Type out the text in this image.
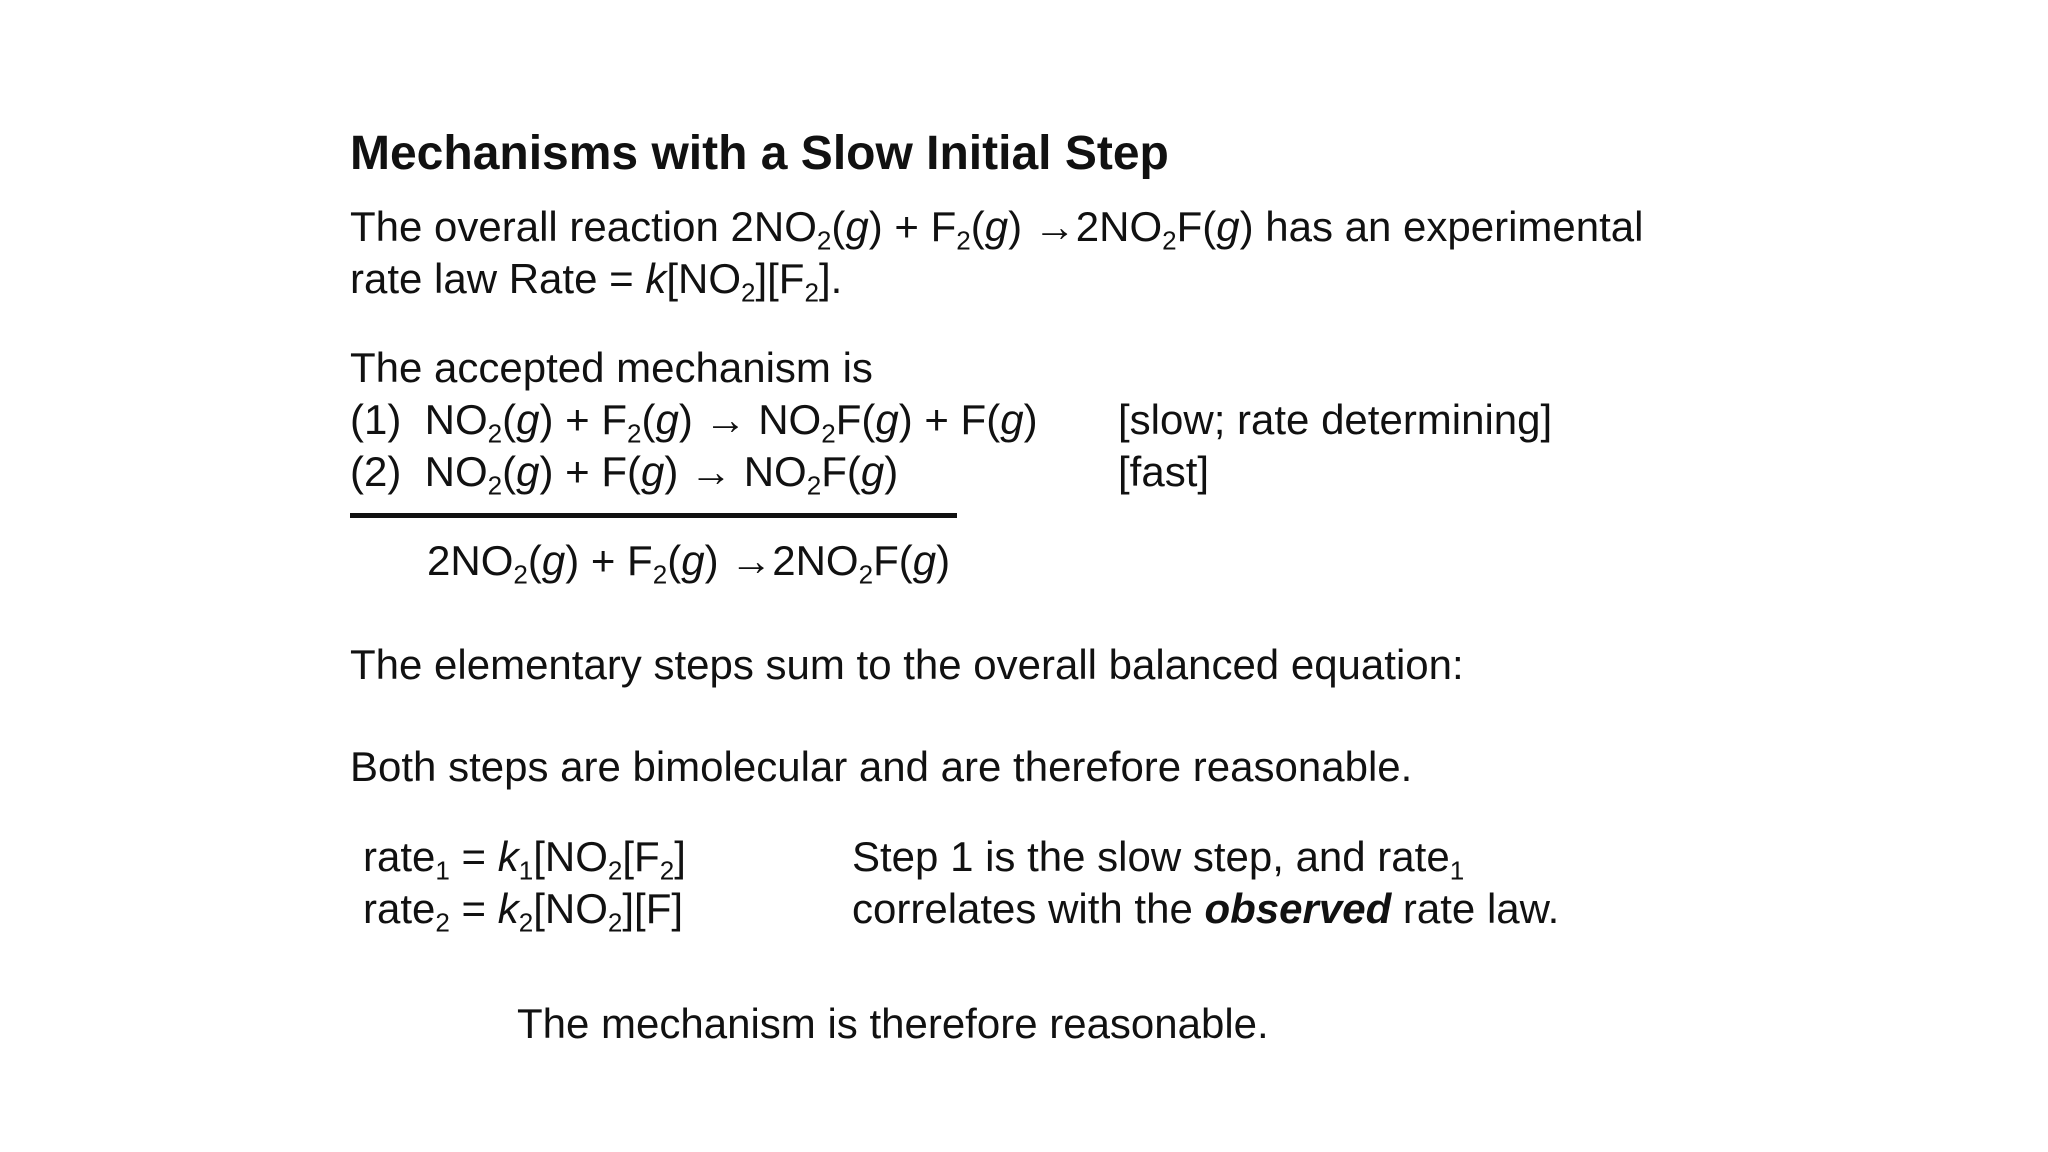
Mechanisms with a Slow Initial Step
The overall reaction $2NO_2(g) + F_2(g) \to 2NO_2F(g)$ has an experimental
rate law Rate = $k[NO_2][F_2]$.
The accepted mechanism is
(1)  $NO_2(g) + F_2(g) \to NO_2F(g) + F(g)$ [slow; rate determining]
(2)  $NO_2(g) + F(g) \to NO_2F(g)$	[fast]
$2NO_2(g) + F_2(g) \to 2NO_2F(g)$
The elementary steps sum to the overall balanced equation:
Both steps are bimolecular and are therefore reasonable.
rate$_1$ = $k_1[NO_2[F_2]$
rate$_2$ = $k_2[NO_2][F]$
Step 1 is the slow step, and rate$_1$
correlates with the observed rate law.
The mechanism is therefore reasonable.
